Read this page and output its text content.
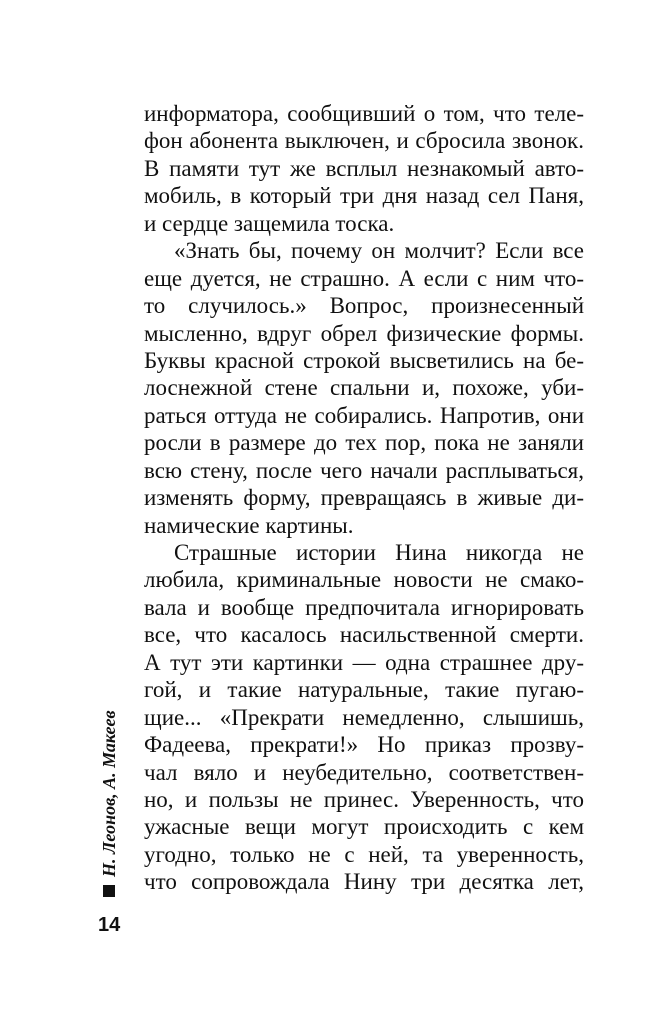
информатора, сообщивший о том, что теле-
фон абонента выключен, и сбросила звонок.
В памяти тут же всплыл незнакомый авто-
мобиль, в который три дня назад сел Паня,
и сердце защемила тоска.
«Знать бы, почему он молчит? Если все
еще дуется, не страшно. А если с ним что-
то случилось.» Вопрос, произнесенный
мысленно, вдруг обрел физические формы.
Буквы красной строкой высветились на бе-
лоснежной стене спальни и, похоже, уби-
раться оттуда не собирались. Напротив, они
росли в размере до тех пор, пока не заняли
всю стену, после чего начали расплываться,
изменять форму, превращаясь в живые ди-
намические картины.
Страшные истории Нина никогда не
любила, криминальные новости не смако-
вала и вообще предпочитала игнорировать
все, что касалось насильственной смерти.
А тут эти картинки — одна страшнее дру-
гой, и такие натуральные, такие пугаю-
щие... «Прекрати немедленно, слышишь,
Фадеева, прекрати!» Но приказ прозву-
чал вяло и неубедительно, соответствен-
но, и пользы не принес. Уверенность, что
ужасные вещи могут происходить с кем
угодно, только не с ней, та уверенность,
что сопровождала Нину три десятка лет,
Н. Леонов, А. Макеев
14
